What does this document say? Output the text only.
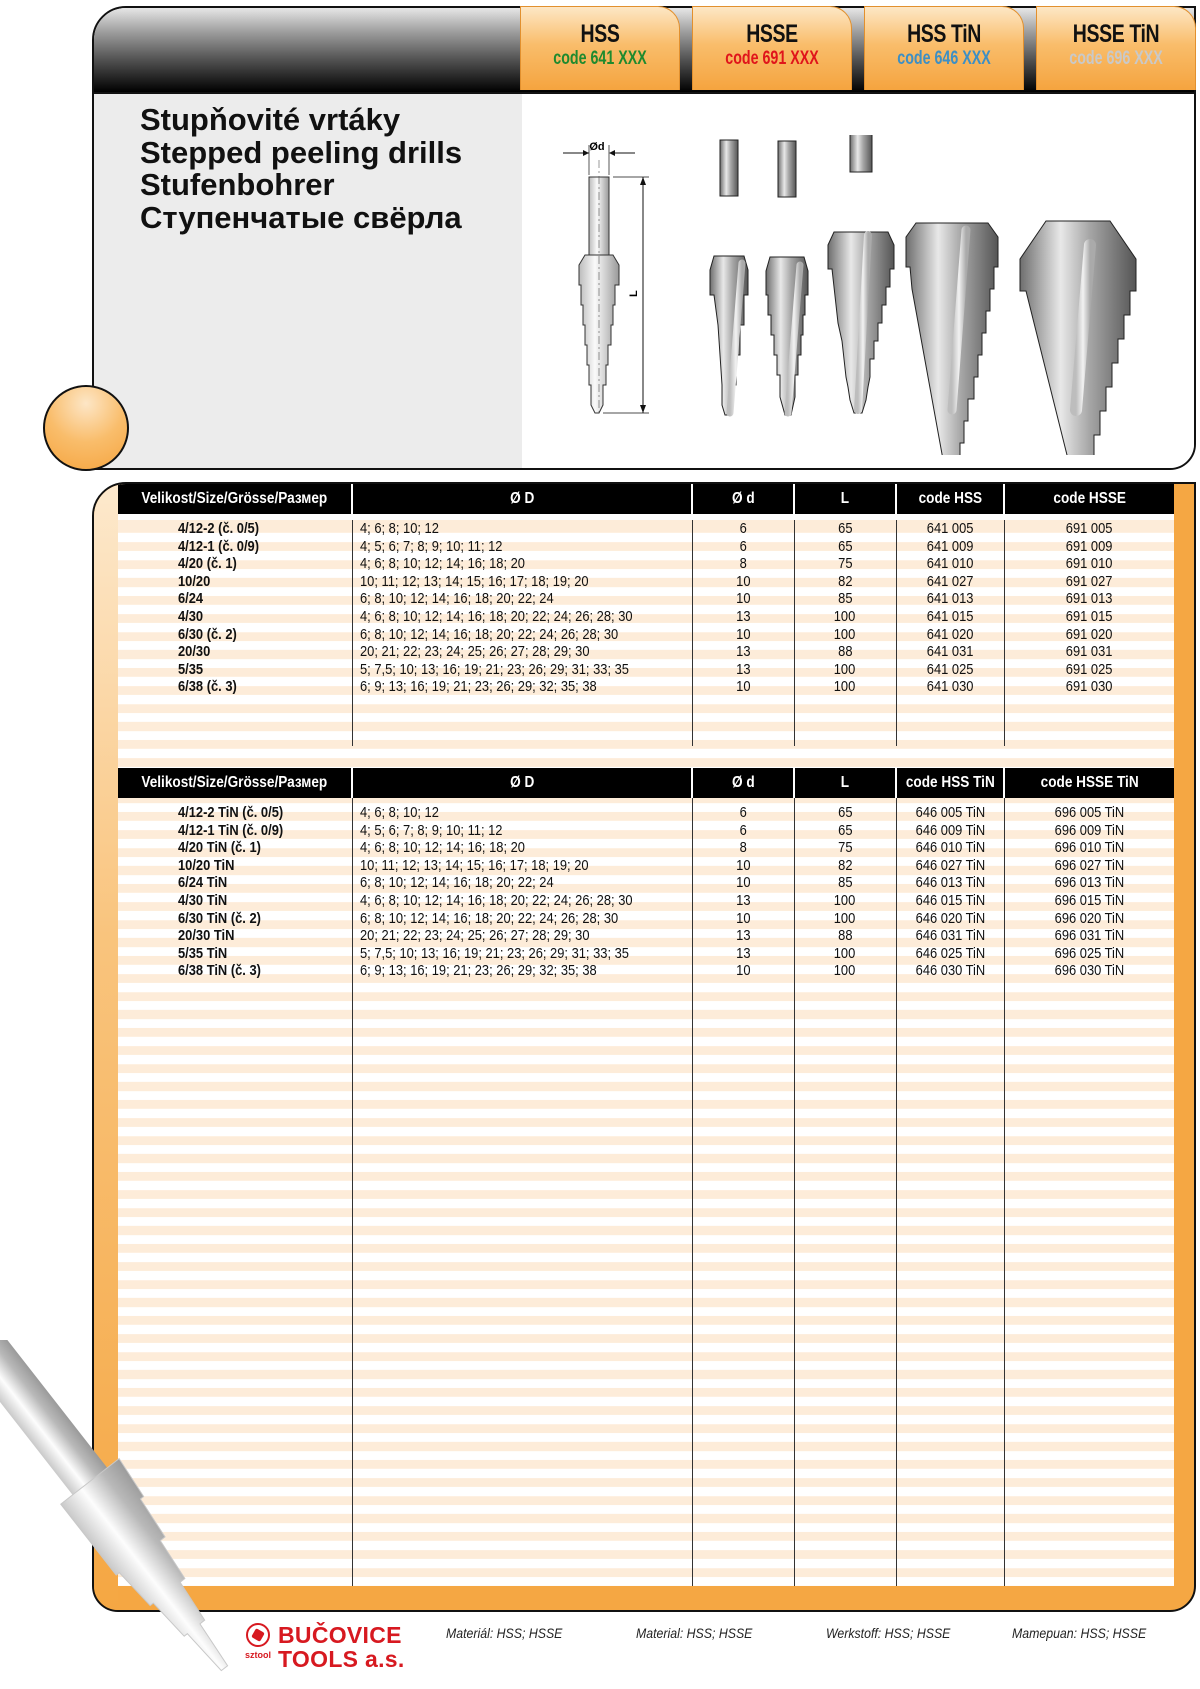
HSS
code 641 XXX
HSSE
code 691 XXX
HSS TiN
code 646 XXX
HSSE TiN
code 696 XXX
Stupňovité vrtáky
Stepped peeling drills
Stufenbohrer
Ступенчатые свёрла
Ød
L
Velikost/Size/Grösse/Размер	Ø D	Ø d	L	code HSS	code HSSE

4/12-2 (č. 0/5)	4; 6; 8; 10; 12	6	65	641 005	691 005
4/12-1 (č. 0/9)	4; 5; 6; 7; 8; 9; 10; 11; 12	6	65	641 009	691 009
4/20 (č. 1)	4; 6; 8; 10; 12; 14; 16; 18; 20	8	75	641 010	691 010
10/20	10; 11; 12; 13; 14; 15; 16; 17; 18; 19; 20	10	82	641 027	691 027
6/24	6; 8; 10; 12; 14; 16; 18; 20; 22; 24	10	85	641 013	691 013
4/30	4; 6; 8; 10; 12; 14; 16; 18; 20; 22; 24; 26; 28; 30	13	100	641 015	691 015
6/30 (č. 2)	6; 8; 10; 12; 14; 16; 18; 20; 22; 24; 26; 28; 30	10	100	641 020	691 020
20/30	20; 21; 22; 23; 24; 25; 26; 27; 28; 29; 30	13	88	641 031	691 031
5/35	5; 7,5; 10; 13; 16; 19; 21; 23; 26; 29; 31; 33; 35	13	100	641 025	691 025
6/38 (č. 3)	6; 9; 13; 16; 19; 21; 23; 26; 29; 32; 35; 38	10	100	641 030	691 030
Velikost/Size/Grösse/Размер	Ø D	Ø d	L	code HSS TiN	code HSSE TiN

4/12-2 TiN (č. 0/5)	4; 6; 8; 10; 12	6	65	646 005 TiN	696 005 TiN
4/12-1 TiN (č. 0/9)	4; 5; 6; 7; 8; 9; 10; 11; 12	6	65	646 009 TiN	696 009 TiN
4/20 TiN (č. 1)	4; 6; 8; 10; 12; 14; 16; 18; 20	8	75	646 010 TiN	696 010 TiN
10/20 TiN	10; 11; 12; 13; 14; 15; 16; 17; 18; 19; 20	10	82	646 027 TiN	696 027 TiN
6/24 TiN	6; 8; 10; 12; 14; 16; 18; 20; 22; 24	10	85	646 013 TiN	696 013 TiN
4/30 TiN	4; 6; 8; 10; 12; 14; 16; 18; 20; 22; 24; 26; 28; 30	13	100	646 015 TiN	696 015 TiN
6/30 TiN (č. 2)	6; 8; 10; 12; 14; 16; 18; 20; 22; 24; 26; 28; 30	10	100	646 020 TiN	696 020 TiN
20/30 TiN	20; 21; 22; 23; 24; 25; 26; 27; 28; 29; 30	13	88	646 031 TiN	696 031 TiN
5/35 TiN	5; 7,5; 10; 13; 16; 19; 21; 23; 26; 29; 31; 33; 35	13	100	646 025 TiN	696 025 TiN
6/38 TiN (č. 3)	6; 9; 13; 16; 19; 21; 23; 26; 29; 32; 35; 38	10	100	646 030 TiN	696 030 TiN
sztool
BUČOVICE
TOOLS a.s.
Materiál: HSS; HSSE	Material: HSS; HSSE	Werkstoff: HSS; HSSE	Mamepuan: HSS; HSSE
